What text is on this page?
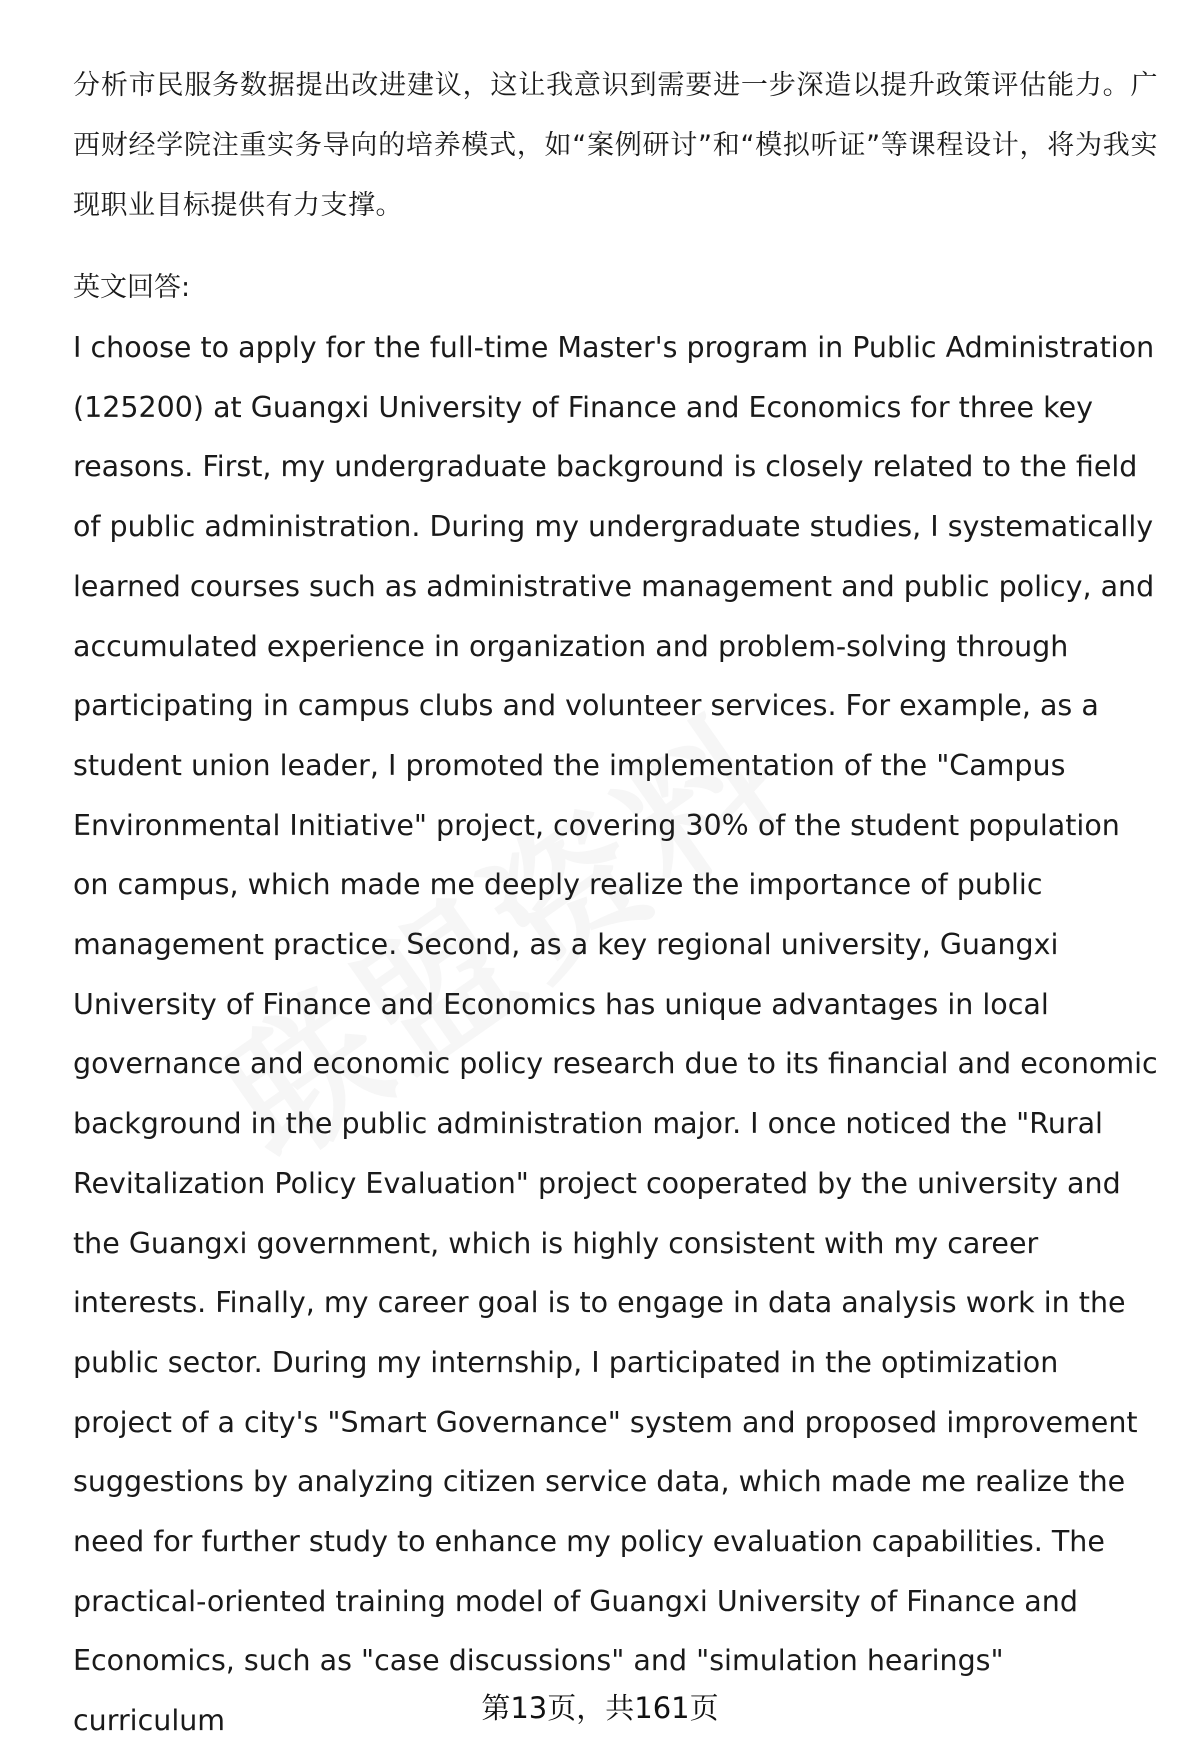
分析市民服务数据提出改进建议，这让我意识到需要进一步深造以提升政策评估能力。广西财经学院注重实务导向的培养模式，如“案例研讨”和“模拟听证”等课程设计，将为我实现职业目标提供有力支撑。

英文回答:

I choose to apply for the full-time Master's program in Public Administration (125200) at Guangxi University of Finance and Economics for three key reasons. First, my undergraduate background is closely related to the field of public administration. During my undergraduate studies, I systematically learned courses such as administrative management and public policy, and accumulated experience in organization and problem-solving through participating in campus clubs and volunteer services. For example, as a student union leader, I promoted the implementation of the "Campus Environmental Initiative" project, covering 30% of the student population on campus, which made me deeply realize the importance of public management practice. Second, as a key regional university, Guangxi University of Finance and Economics has unique advantages in local governance and economic policy research due to its financial and economic background in the public administration major. I once noticed the "Rural Revitalization Policy Evaluation" project cooperated by the university and the Guangxi government, which is highly consistent with my career interests. Finally, my career goal is to engage in data analysis work in the public sector. During my internship, I participated in the optimization project of a city's "Smart Governance" system and proposed improvement suggestions by analyzing citizen service data, which made me realize the need for further study to enhance my policy evaluation capabilities. The practical-oriented training model of Guangxi University of Finance and Economics, such as "case discussions" and "simulation hearings" curriculum	第13页，共161页
